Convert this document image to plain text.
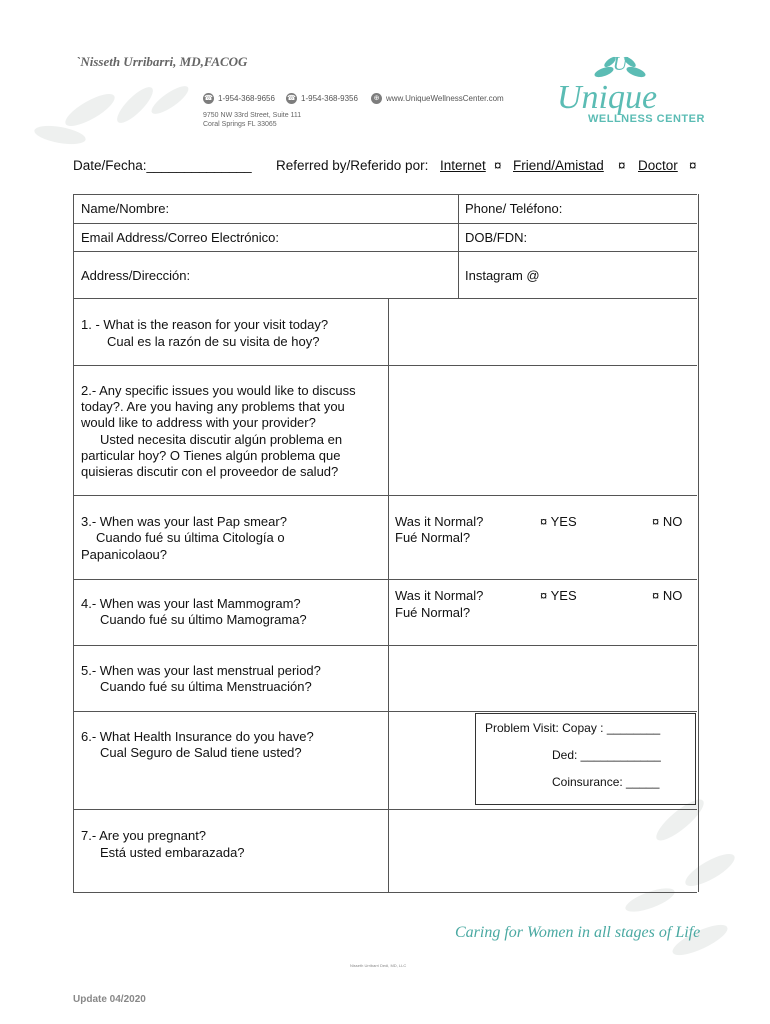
`Nisseth Urribarri, MD,FACOG
☎ 1-954-368-9656 ☎ 1-954-368-9356	⊕ www.UniqueWellnessCenter.com
9750 NW 33rd Street, Suite 111
Coral Springs FL 33065
U
Unique
WELLNESS CENTER
Date/Fecha:______________ Referred by/Referido por: Internet ¤ Friend/Amistad ¤ Doctor ¤
Name/Nombre:	Phone/ Teléfono:
Email Address/Correo Electrónico:	DOB/FDN:
Address/Dirección:	Instagram @
1. - What is the reason for your visit today?
Cual es la razón de su visita de hoy?
2.- Any specific issues you would like to discuss
today?. Are you having any problems that you
would like to address with your provider?
Usted necesita discutir algún problema en
particular hoy? O Tienes algún problema que
quisieras discutir con el proveedor de salud?
3.- When was your last Pap smear?
Cuando fué su última Citología o
Papanicolaou?
Was it Normal?
Fué Normal?
¤ YES	¤ NO
4.- When was your last Mammogram?
Cuando fué su último Mamograma?
Was it Normal?
Fué Normal?
¤ YES	¤ NO
5.- When was your last menstrual period?
Cuando fué su última Menstruación?
6.- What Health Insurance do you have?
Cual Seguro de Salud tiene usted?
Problem Visit: Copay : ________
Ded: ____________
Coinsurance: _____
7.- Are you pregnant?
Está usted embarazada?
Caring for Women in all stages of Life
Nisseth Urribarri Dedi, MD, LLC
Update 04/2020
